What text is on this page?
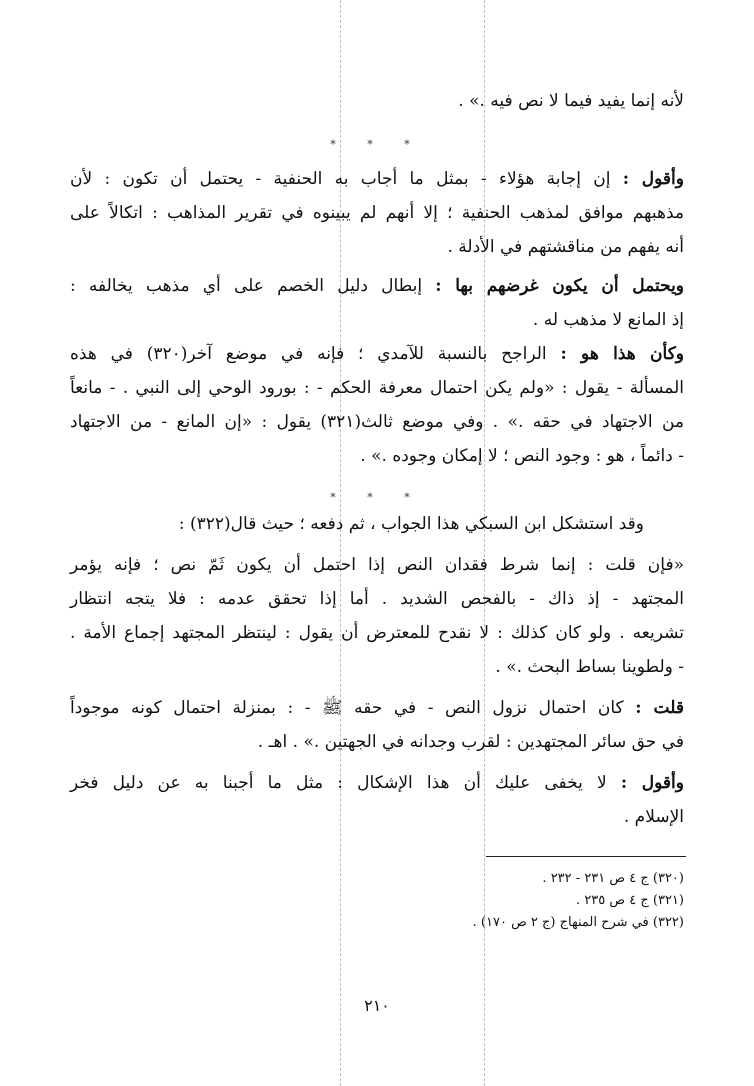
لأنه إنما يفيد فيما لا نص فيه .» .
وأقول : إن إجابة هؤلاء - بمثل ما أجاب به الحنفية - يحتمل أن تكون : لأن
مذهبهم موافق لمذهب الحنفية ؛ إلا أنهم لم يبينوه في تقرير المذاهب : اتكالاً على
أنه يفهم من مناقشتهم في الأدلة .
ويحتمل أن يكون غرضهم بها : إبطال دليل الخصم على أي مذهب يخالفه :
إذ المانع لا مذهب له .
وكأن هذا هو : الراجح بالنسبة للآمدي ؛ فإنه في موضع آخر(٣٢٠) في هذه
المسألة - يقول : «ولم يكن احتمال معرفة الحكم - : بورود الوحي إلى النبي . - مانعاً
من الاجتهاد في حقه .» . وفي موضع ثالث(٣٢١) يقول : «إن المانع - من الاجتهاد
- دائماً ، هو : وجود النص ؛ لا إمكان وجوده .» .
وقد استشكل ابن السبكي هذا الجواب ، ثم دفعه ؛ حيث قال(٣٢٢) :
«فإن قلت : إنما شرط فقدان النص إذا احتمل أن يكون ثَمّ نص ؛ فإنه يؤمر
المجتهد - إذ ذاك - بالفحص الشديد . أما إذا تحقق عدمه : فلا يتجه انتظار
تشريعه . ولو كان كذلك : لا نقدح للمعترض أن يقول : لينتظر المجتهد إجماع الأمة .
- ولطوينا بساط البحث .» .
قلت : كان احتمال نزول النص - في حقه ﷺ - : بمنزلة احتمال كونه موجوداً
في حق سائر المجتهدين : لقرب وجدانه في الجهتين .» . اهـ .
وأقول : لا يخفى عليك أن هذا الإشكال : مثل ما أجبنا به عن دليل فخر
الإسلام .
* * *
* * *
(٣٢٠) ج ٤ ص ٢٣١ - ٢٣٢ .
(٣٢١) ج ٤ ص ٢٣٥ .
(٣٢٢) في شرح المنهاج (ج ٢ ص ١٧٠) .
٢١٠
